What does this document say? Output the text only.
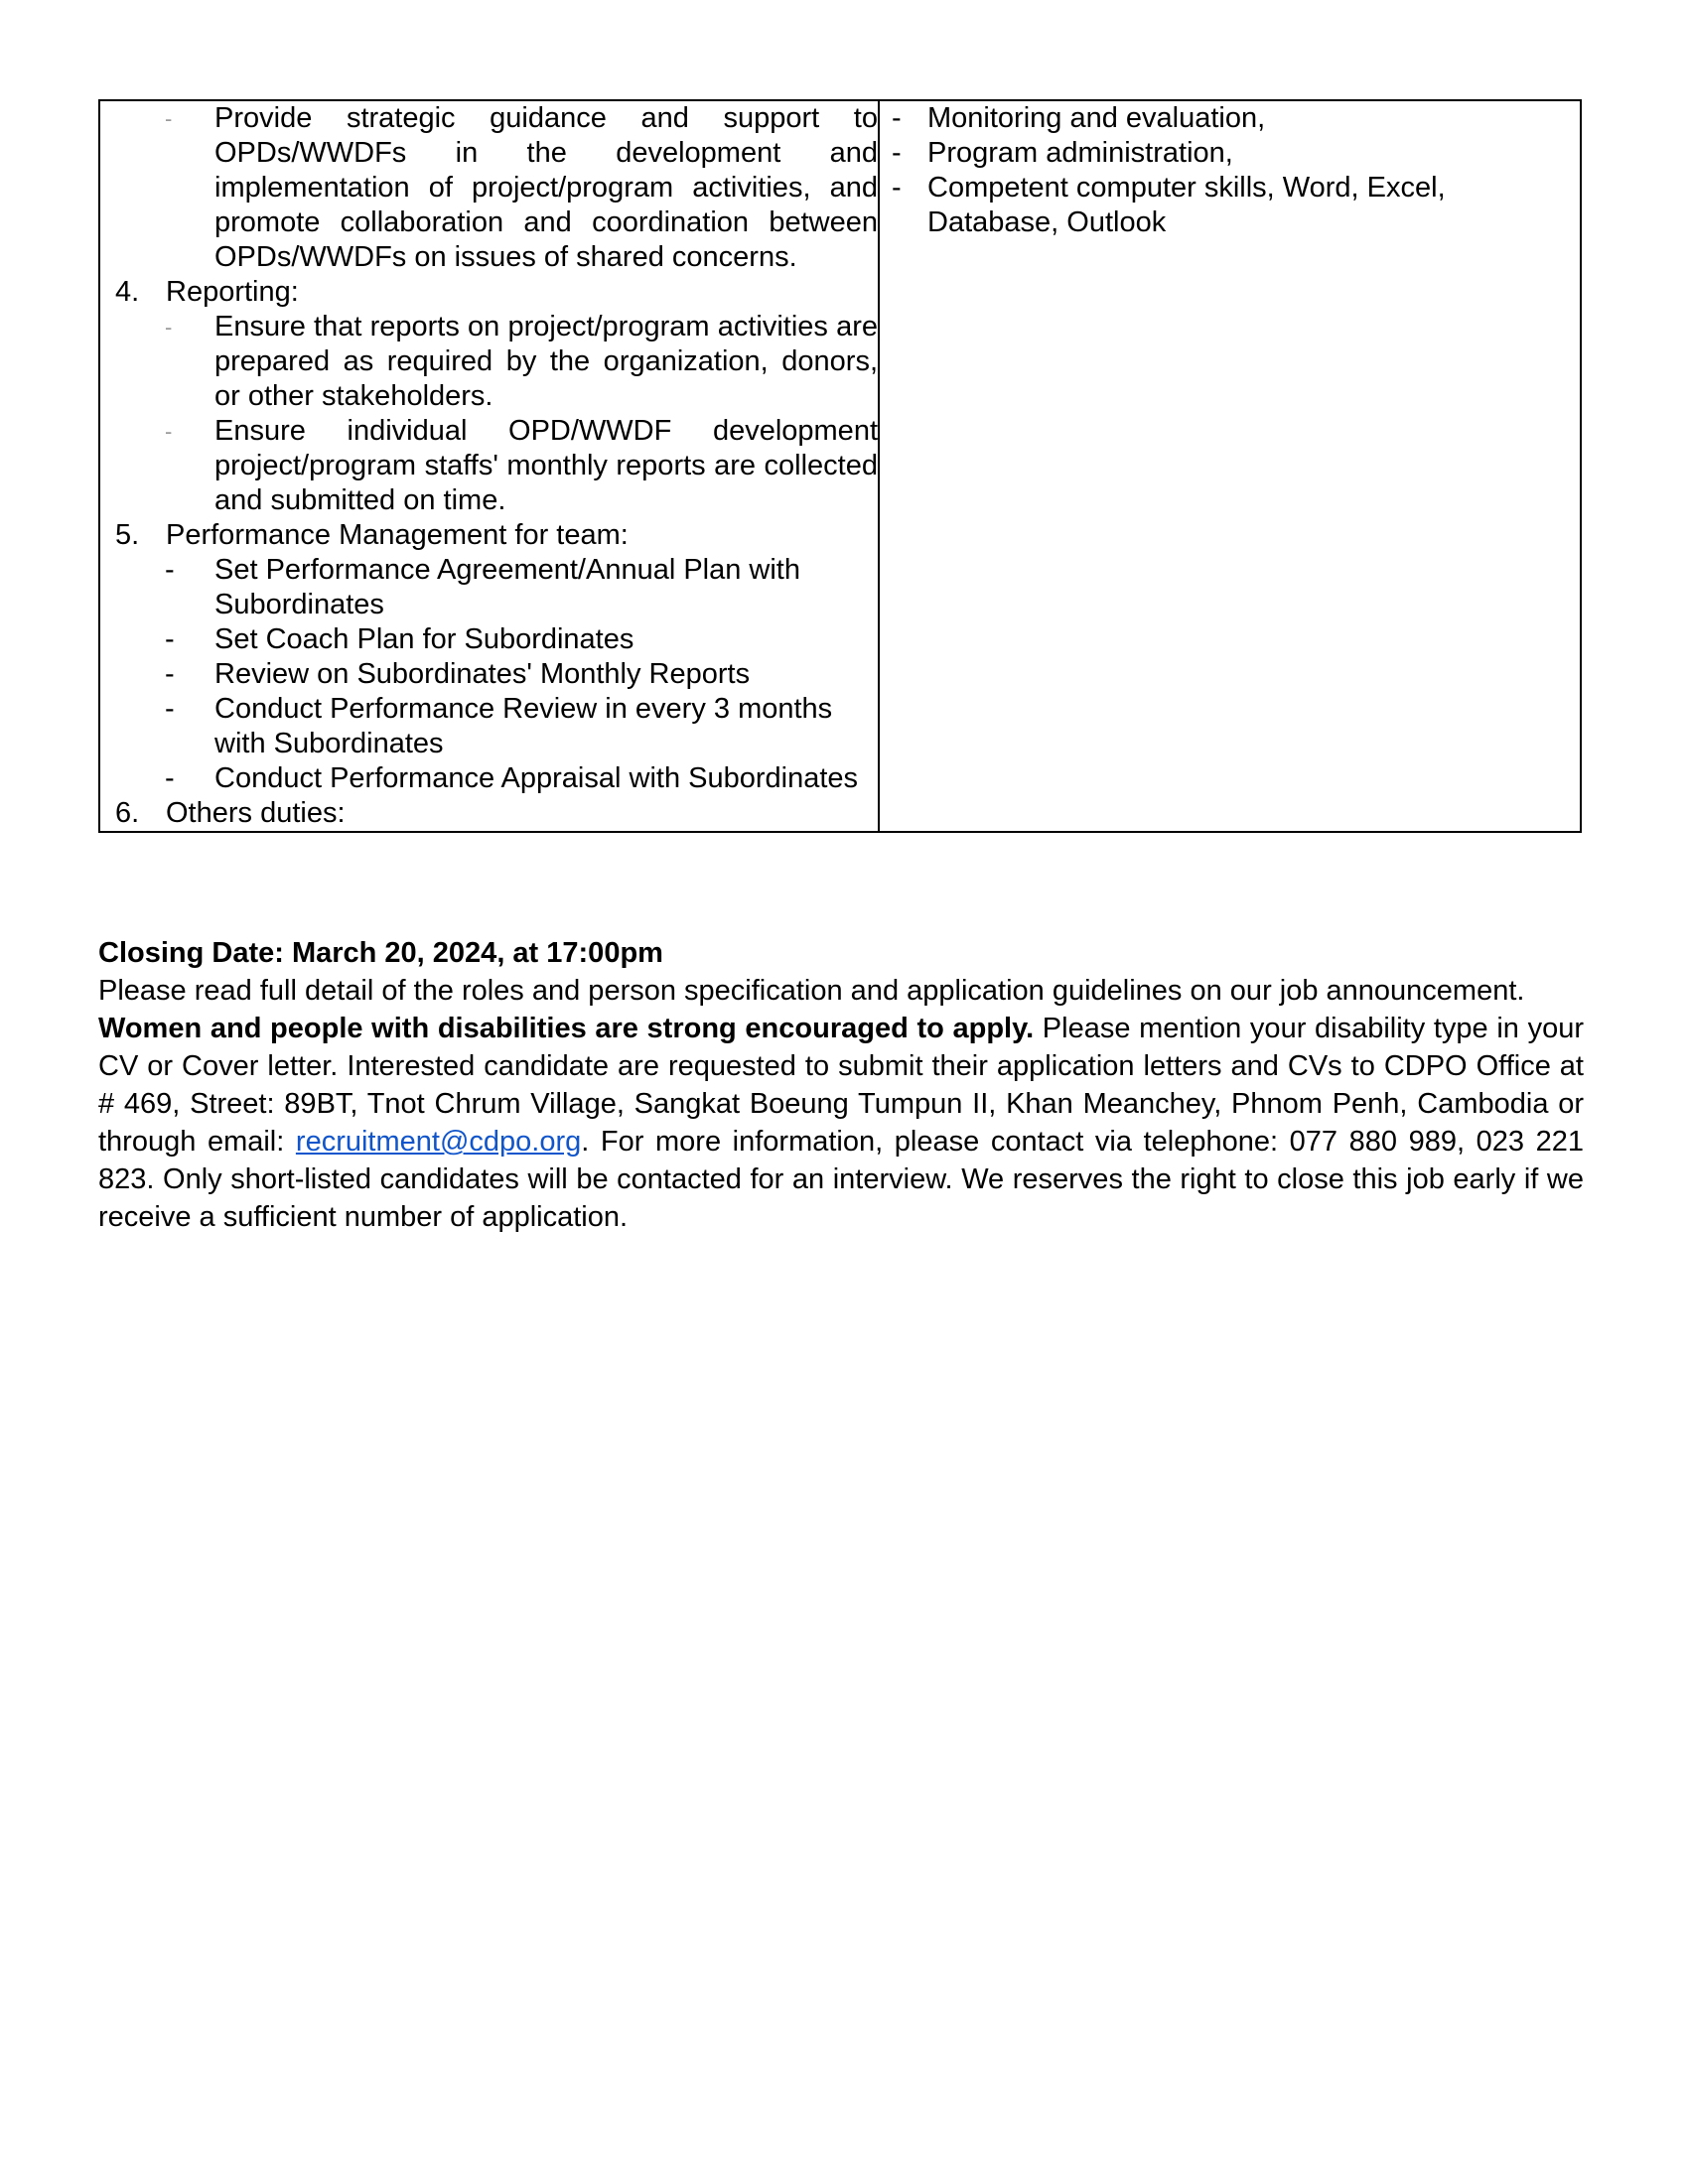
- Provide strategic guidance and support to OPDs/WWDFs in the development and implementation of project/program activities, and promote collaboration and coordination between OPDs/WWDFs on issues of shared concerns.
4. Reporting:
- Ensure that reports on project/program activities are prepared as required by the organization, donors, or other stakeholders.
- Ensure individual OPD/WWDF development project/program staffs' monthly reports are collected and submitted on time.
5. Performance Management for team:
- Set Performance Agreement/Annual Plan with Subordinates
- Set Coach Plan for Subordinates
- Review on Subordinates' Monthly Reports
- Conduct Performance Review in every 3 months with Subordinates
- Conduct Performance Appraisal with Subordinates
6. Others duties:

- Monitoring and evaluation,
- Program administration,
- Competent computer skills, Word, Excel, Database, Outlook
Closing Date: March 20, 2024, at 17:00pm
Please read full detail of the roles and person specification and application guidelines on our job announcement.
Women and people with disabilities are strong encouraged to apply. Please mention your disability type in your CV or Cover letter. Interested candidate are requested to submit their application letters and CVs to CDPO Office at # 469, Street: 89BT, Tnot Chrum Village, Sangkat Boeung Tumpun II, Khan Meanchey, Phnom Penh, Cambodia or through email: recruitment@cdpo.org. For more information, please contact via telephone: 077 880 989, 023 221 823. Only short-listed candidates will be contacted for an interview. We reserves the right to close this job early if we receive a sufficient number of application.
